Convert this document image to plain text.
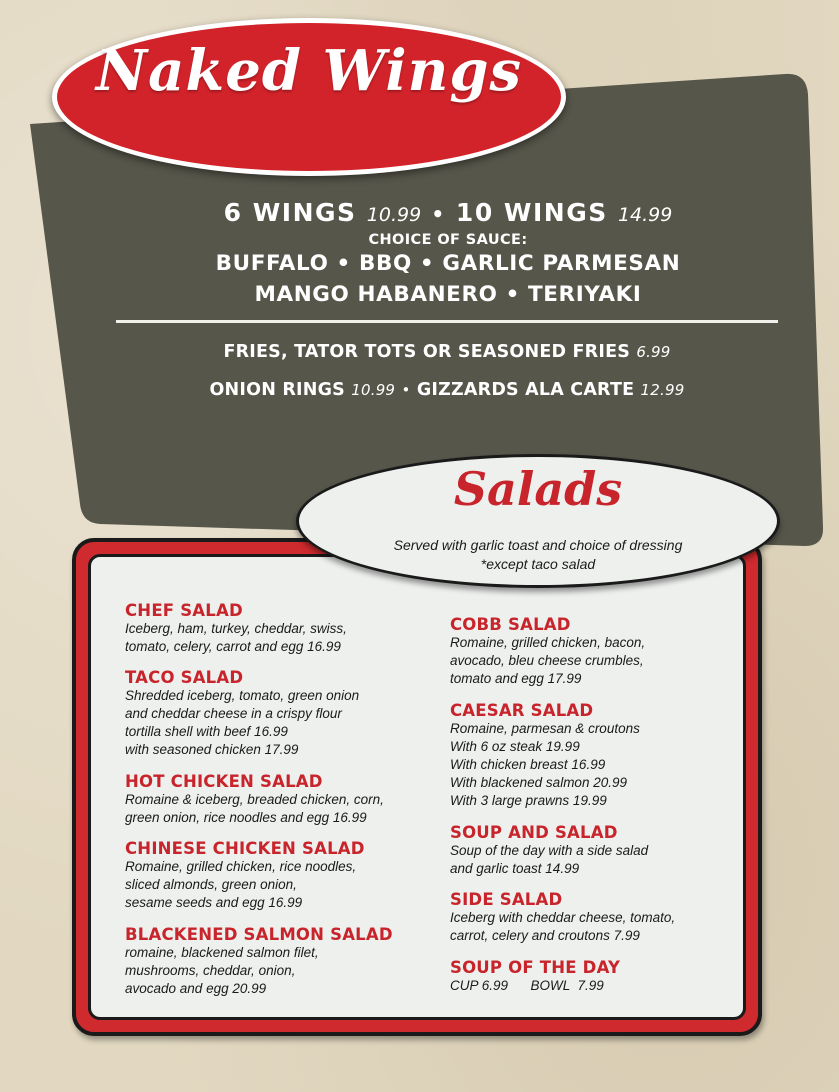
Naked Wings
6 WINGS 10.99 • 10 WINGS 14.99
CHOICE OF SAUCE:
BUFFALO • BBQ • GARLIC PARMESAN
MANGO HABANERO • TERIYAKI
FRIES, TATOR TOTS OR SEASONED FRIES 6.99
ONION RINGS 10.99 • GIZZARDS ALA CARTE 12.99
Salads
Served with garlic toast and choice of dressing
*except taco salad
CHEF SALAD
Iceberg, ham, turkey, cheddar, swiss,
tomato, celery, carrot and egg 16.99
TACO SALAD
Shredded iceberg, tomato, green onion
and cheddar cheese in a crispy flour
tortilla shell with beef 16.99
with seasoned chicken 17.99
HOT CHICKEN SALAD
Romaine & iceberg, breaded chicken, corn,
green onion, rice noodles and egg 16.99
CHINESE CHICKEN SALAD
Romaine, grilled chicken, rice noodles,
sliced almonds, green onion,
sesame seeds and egg 16.99
BLACKENED SALMON SALAD
romaine, blackened salmon filet,
mushrooms, cheddar, onion,
avocado and egg 20.99
COBB SALAD
Romaine, grilled chicken, bacon,
avocado, bleu cheese crumbles,
tomato and egg 17.99
CAESAR SALAD
Romaine, parmesan & croutons
With 6 oz steak 19.99
With chicken breast 16.99
With blackened salmon 20.99
With 3 large prawns 19.99
SOUP AND SALAD
Soup of the day with a side salad
and garlic toast 14.99
SIDE SALAD
Iceberg with cheddar cheese, tomato,
carrot, celery and croutons 7.99
SOUP OF THE DAY
CUP 6.99      BOWL  7.99
